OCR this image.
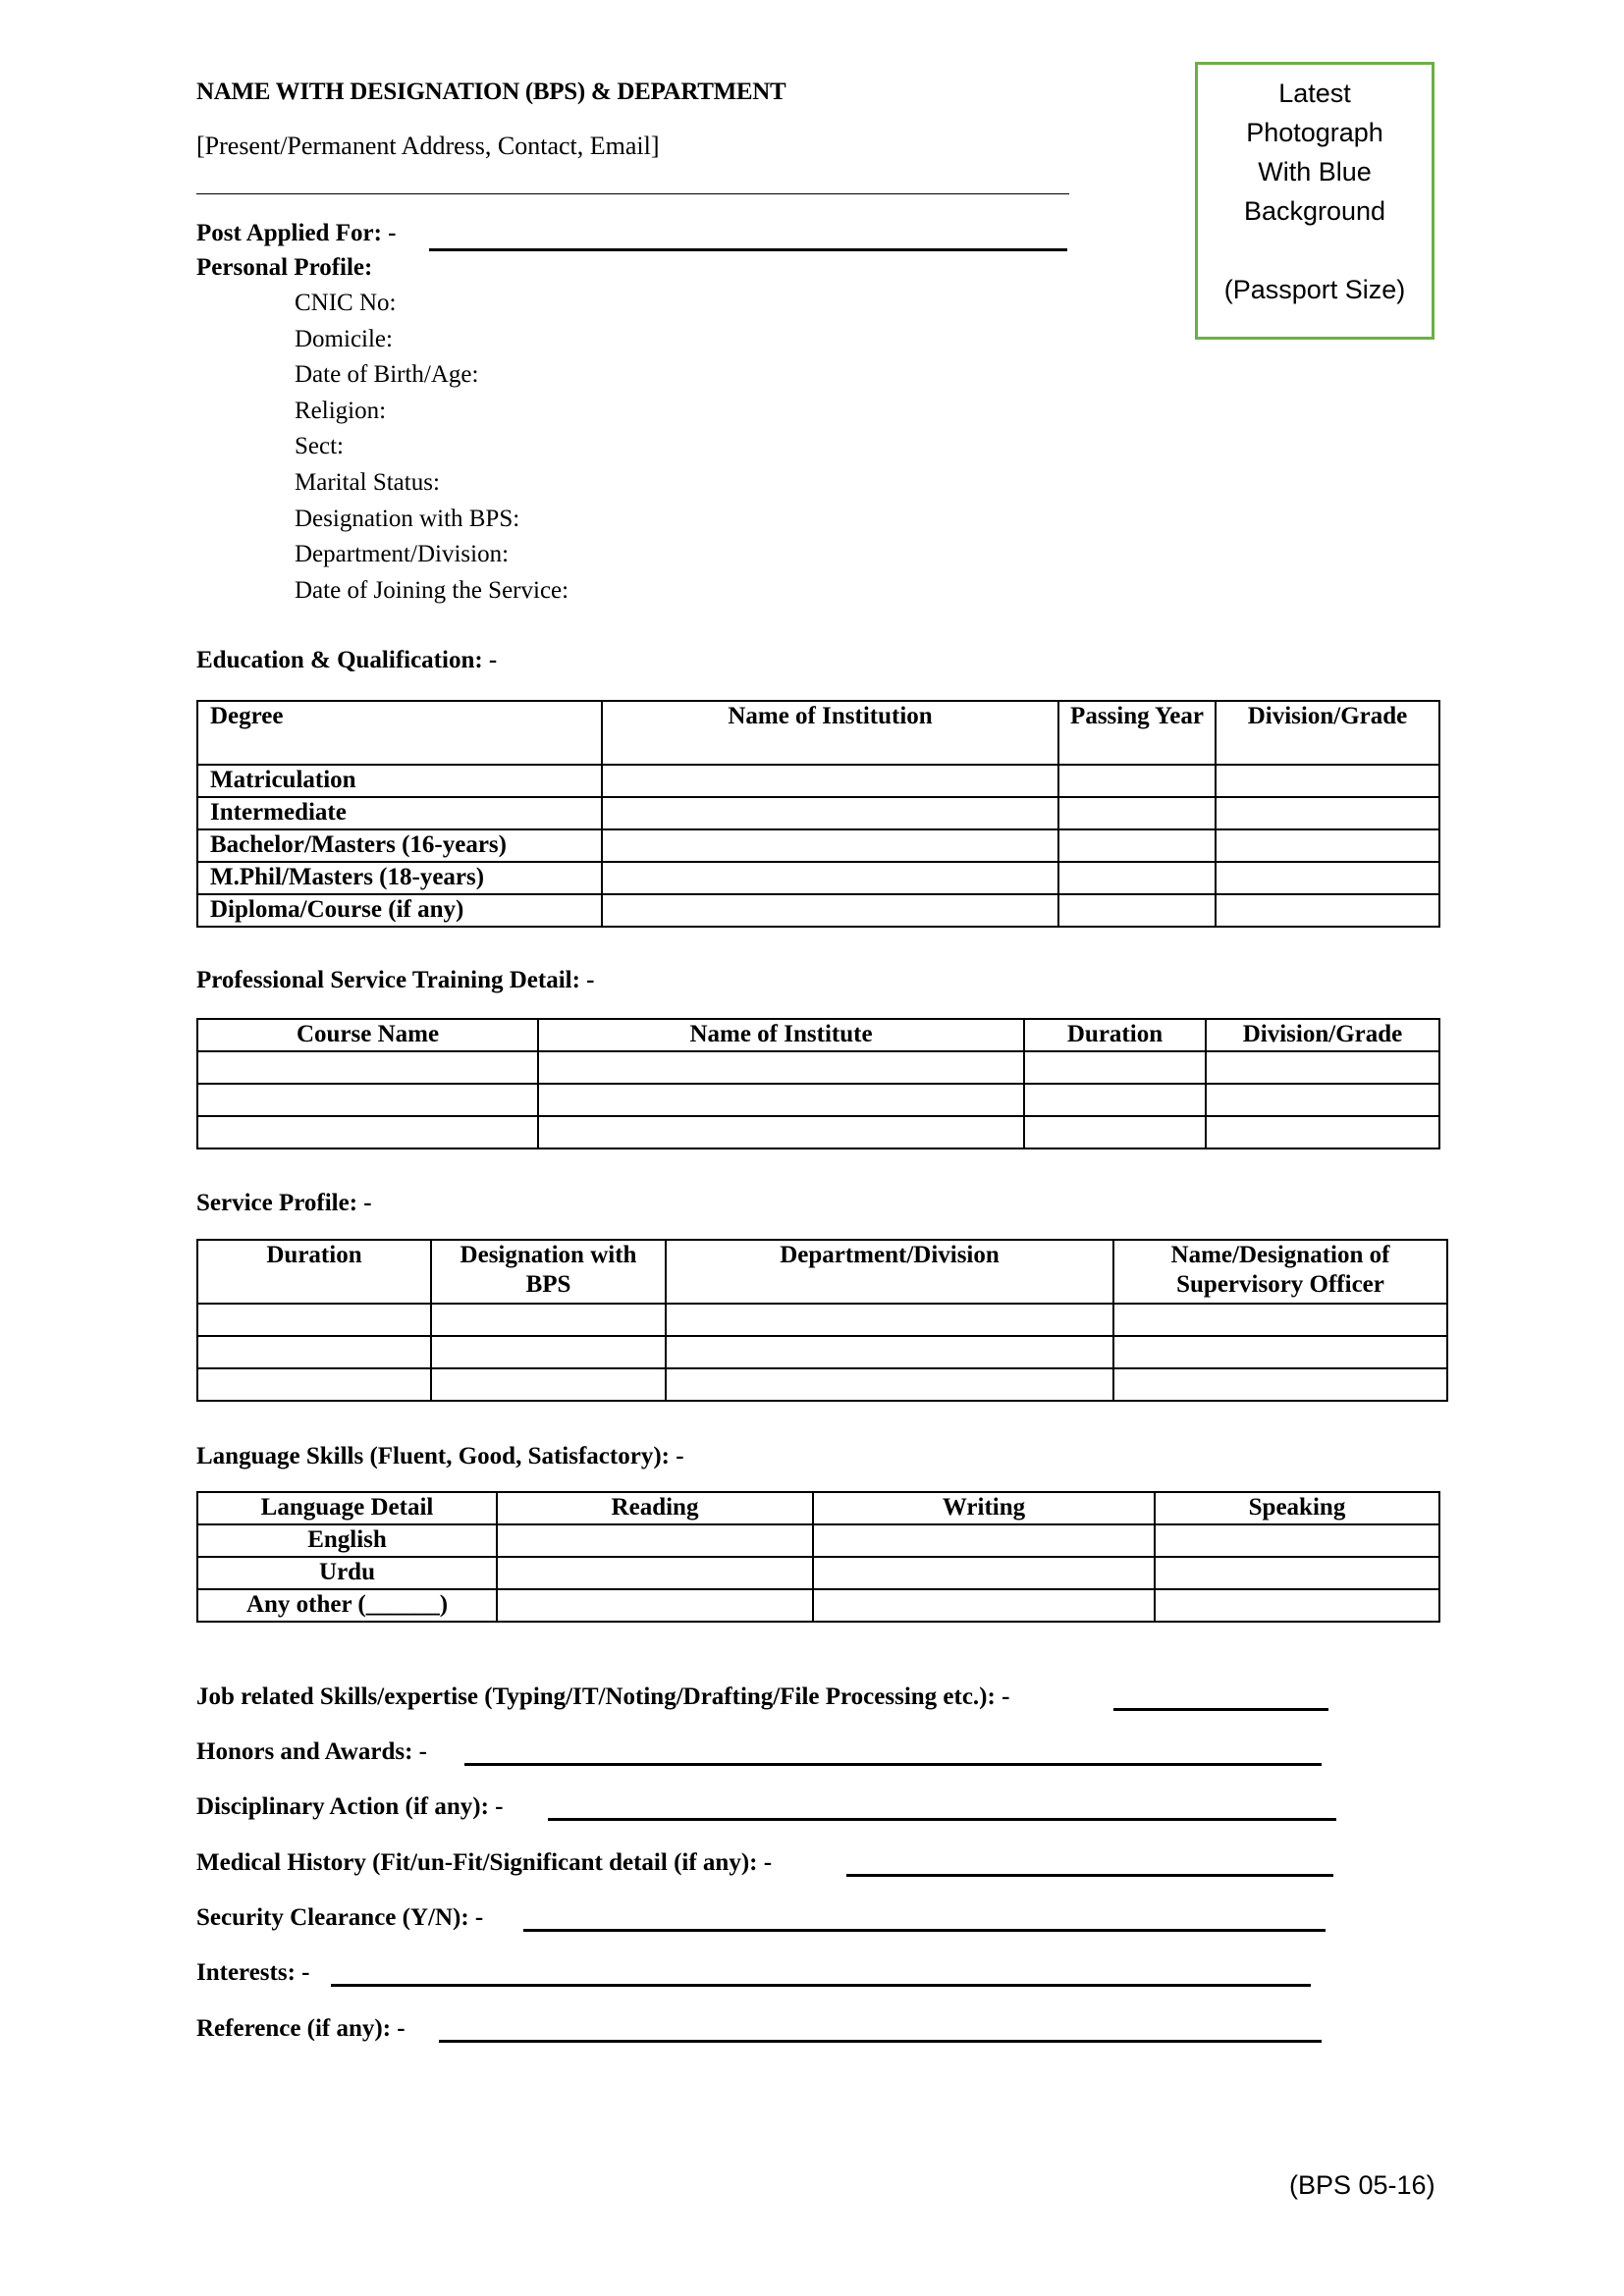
NAME WITH DESIGNATION (BPS) & DEPARTMENT
[Present/Permanent Address, Contact, Email]
Latest
Photograph
With Blue
Background
(Passport Size)
Post Applied For: -
Personal Profile:
CNIC No:
Domicile:
Date of Birth/Age:
Religion:
Sect:
Marital Status:
Designation with BPS:
Department/Division:
Date of Joining the Service:
Education & Qualification: -
Degree	Name of Institution	Passing Year	Division/Grade
Matriculation			
Intermediate			
Bachelor/Masters (16-years)			
M.Phil/Masters (18-years)			
Diploma/Course (if any)			
Professional Service Training Detail: -
Course Name	Name of Institute	Duration	Division/Grade

Service Profile: -
Duration	Designation with BPS	Department/Division	Name/Designation of Supervisory Officer

Language Skills (Fluent, Good, Satisfactory): -
Language Detail	Reading	Writing	Speaking
English			
Urdu			
Any other (______)			
Job related Skills/expertise (Typing/IT/Noting/Drafting/File Processing etc.): -
Honors and Awards: -
Disciplinary Action (if any): -
Medical History (Fit/un-Fit/Significant detail (if any): -
Security Clearance (Y/N): -
Interests: -
Reference (if any): -
(BPS 05-16)
